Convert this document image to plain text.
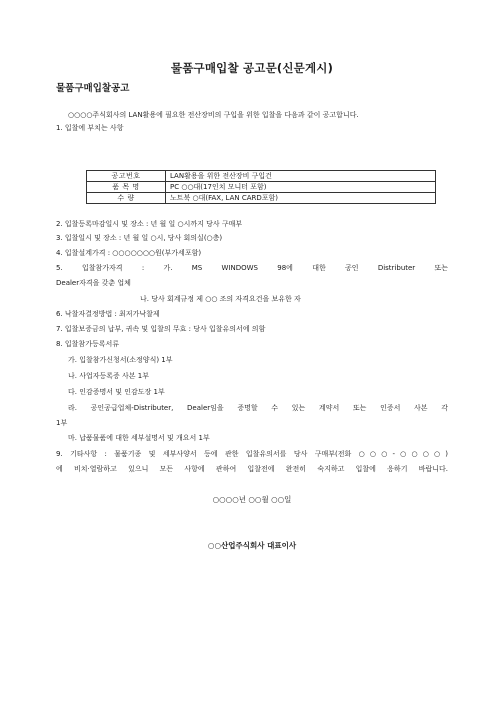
물품구매입찰 공고문(신문게시)
물품구매입찰공고
○○○○주식회사의 LAN활용에 필요한 전산장비의 구입을 위한 입찰을 다음과 같이 공고합니다.
1. 입찰에 부치는 사항
공고번호	LAN활용을 위한 전산장비 구입건
품 목 명	PC ○○대(17인치 모니터 포함)
수 량	노트북 ○대(FAX, LAN CARD포함)
2. 입찰등록마감일시 및 장소 : 년 월 일 ○시까지 당사 구매부
3. 입찰일시 및 장소 : 년 월 일 ○시, 당사 회의실(○층)
4. 입찰설계가격 : ○○○○○○○원(부가세포함)
5. 입찰참가자격 : 가. MS WINDOWS 98에 대한 공인 Distributer 또는
Dealer자격을 갖춘 업체
나. 당사 회계규정 제 ○○ 조의 자격요건을 보유한 자
6. 낙찰자결정방법 : 최저가낙찰제
7. 입찰보증금의 납부, 귀속 및 입찰의 무효 : 당사 입찰유의서에 의함
8. 입찰참가등록서류
가. 입찰참가신청서(소정양식) 1부
나. 사업자등록증 사본 1부
다. 인감증명서 및 인감도장 1부
라. 공인공급업체-Distributer, Dealer임을 증명할 수 있는 계약서 또는 인증서 사본 각
1부
마. 납품물품에 대한 세부설명서 및 개요서 1부
9. 기타사항 : 물품기종 및 세부사양서 등에 관한 입찰유의서를 당사 구매부(전화 ○○○-○○○○)
에 비치·열람하고 있으니 모든 사항에 관하여 입찰전에 완전히 숙지하고 입찰에 응하기 바랍니다.
○○○○년 ○○월 ○○일
○○산업주식회사 대표이사
